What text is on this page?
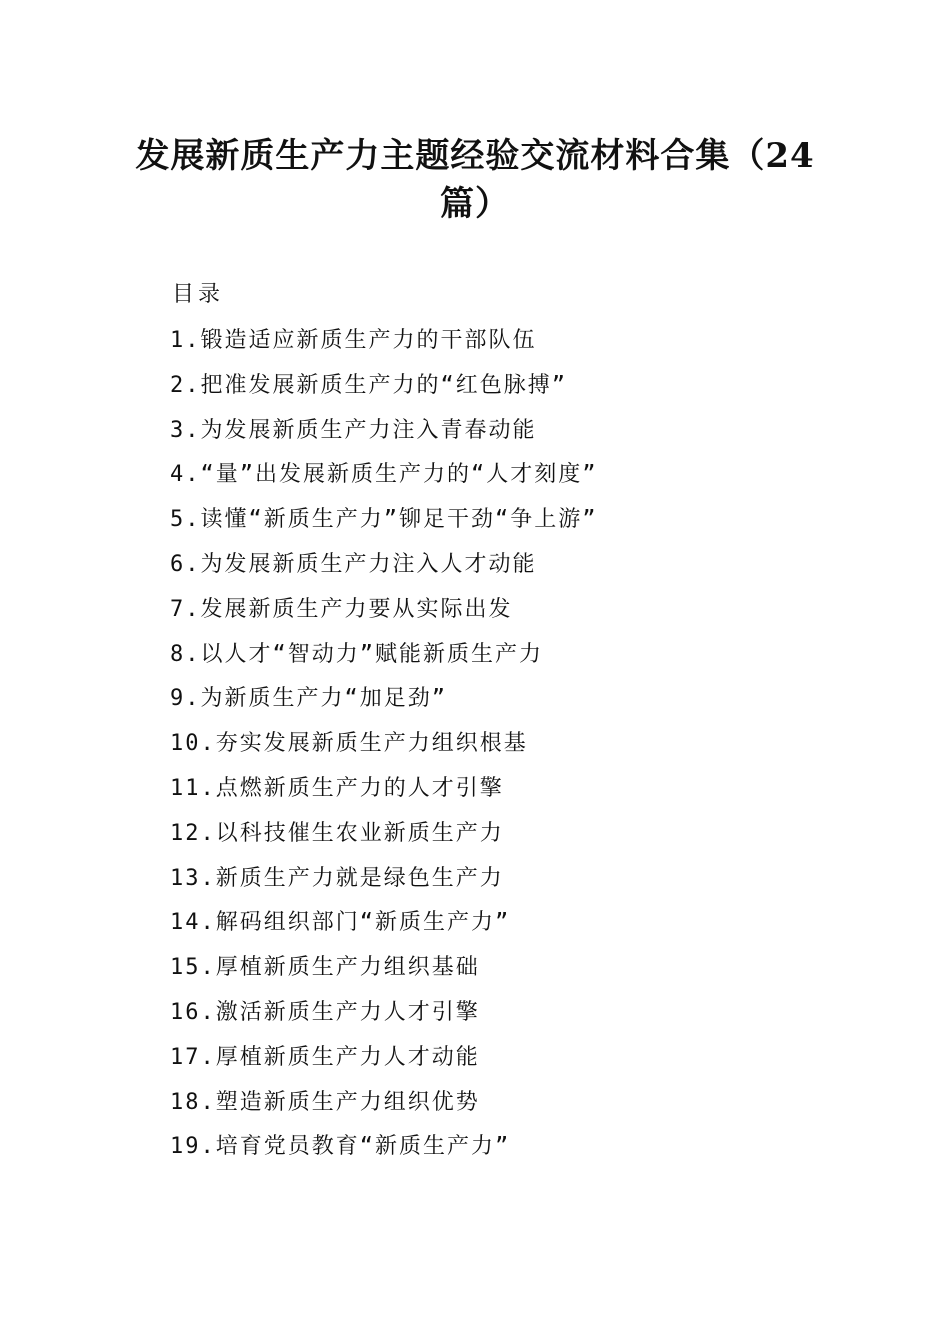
发展新质生产力主题经验交流材料合集（24篇）
目录
1.锻造适应新质生产力的干部队伍
2.把准发展新质生产力的“红色脉搏”
3.为发展新质生产力注入青春动能
4.“量”出发展新质生产力的“人才刻度”
5.读懂“新质生产力”铆足干劲“争上游”
6.为发展新质生产力注入人才动能
7.发展新质生产力要从实际出发
8.以人才“智动力”赋能新质生产力
9.为新质生产力“加足劲”
10.夯实发展新质生产力组织根基
11.点燃新质生产力的人才引擎
12.以科技催生农业新质生产力
13.新质生产力就是绿色生产力
14.解码组织部门“新质生产力”
15.厚植新质生产力组织基础
16.激活新质生产力人才引擎
17.厚植新质生产力人才动能
18.塑造新质生产力组织优势
19.培育党员教育“新质生产力”
